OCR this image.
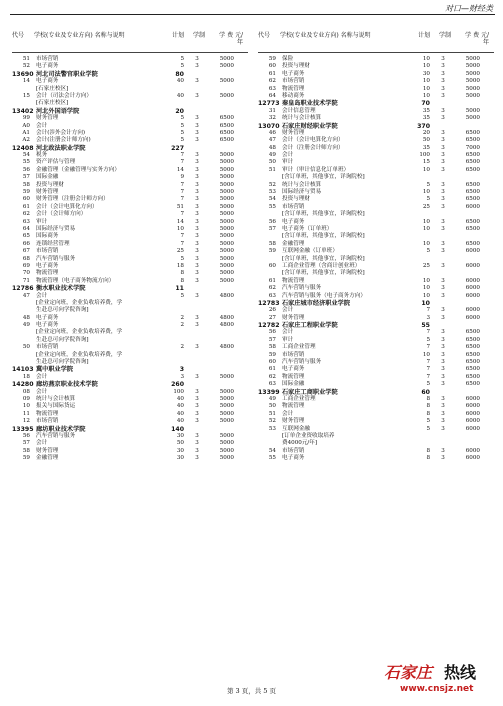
对口—财经类
代号 学校(专业及专业方向) 名称与说明	计划 学制	学 费 元/年
51 市场营销	5	3	5000
52 电子商务	5	3	5000
13690 河北司法警官职业学院	80
14 电子商务	40	3	5000
[石家庄校区]
15 会计（司法会计方向）	40	3	5000
[石家庄校区]
13402 河北外国语学院	20
99 财务管理	5	3	6500
A0 会计	5	3	6500
A1 会计(涉外会计方向)	5	3	6500
A2 会计(注册会计师方向)	5	3	6500
12408 河北政法职业学院	227
54 税务	7	3	5000
55 资产评估与管理	7	3	5000
56 金融管理（金融管理与实务方向）	14	3	5000
57 国际金融	9	3	5000
58 投资与理财	7	3	5000
59 财务管理	7	3	5000
60 财务管理（注册会计师方向）	7	3	5000
61 会计（会计电算化方向）	51	3	5000
62 会计（会计师方向）	7	3	5000
63 审计	14	3	5000
64 国际经济与贸易	10	3	5000
65 国际商务	7	3	5000
66 连锁经营管理	7	3	5000
67 市场营销	25	3	5000
68 汽车营销与服务	5	3	5000
69 电子商务	18	3	5000
70 物流管理	8	3	5000
71 物流管理（电子商务物流方向）	8	3	5000
12786 衡水职业技术学院	11
47 会计	5	3	4800
[企业定向班，企业负收培养费，学
生赴总可向学院咨询]
48 电子商务	2	3	4800
49 电子商务	2	3	4800
[企业定向班，企业负收培养费，学
生赴总可向学院咨询]
50 市场营销	2	3	4800
[企业定向班，企业负收培养费，学
生赴总可向学院咨询]
14103 冀中职业学院	3
18 会计	3	3	5000
14280 廊坊燕京职业技术学院	260
08 会计	100	3	5000
09 统计与会计核算	40	3	5000
10 报关与国际货运	40	3	5000
11 物流管理	40	3	5000
12 市场营销	40	3	5000
13395 廊坊职业技术学院	140
56 汽车营销与服务	30	3	5000
57 会计	50	3	5000
58 财务管理	30	3	5000
59 金融管理	30	3	5000
代号 学校(专业及专业方向) 名称与说明	计划 学制	学 费 元/年
59 保险	10	3	5000
60 投资与理财	10	3	5000
61 电子商务	30	3	5000
62 市场营销	10	3	5000
63 物流管理	10	3	5000
64 移动商务	10	3	5000
12773 秦皇岛职业技术学院	70
31 会计信息管理	35	3	5000
32 统计与会计核算	35	3	5000
13070 石家庄财经职业学院	370
46 财务管理	20	3	6500
47 会计（会计电算化方向）	50	3	6500
48 会计（注册会计师方向）	35	3	7000
49 会计	100	3	6500
50 审计	15	3	6500
51 审计（审计信息化订单班）	10	3	6500
[含订单班，其他事宜，详询院校]
52 统计与会计核算	5	3	6500
53 国际经济与贸易	10	3	6500
54 投资与理财	5	3	6500
55 市场营销	25	3	6000
[含订单班，其他事宜，详询院校]
56 电子商务	10	3	6500
57 电子商务（订单班）	10	3	6500
[含订单班，其他事宜，详询院校]
58 金融管理	10	3	6500
59 互联网金融（订单班）	5	3	6000
[含订单班，其他事宜，详询院校]
60 工商企业管理（含商计创业班）	25	3	6000
[含订单班，其他事宜，详询院校]
61 物流管理	10	3	6000
62 汽车营销与服务	10	3	6000
63 汽车营销与服务（电子商务方向）	10	3	6000
12783 石家庄城市经济职业学院	10
26 会计	7	3	6000
27 财务管理	3	3	6000
12782 石家庄工程职业学院	55
56 会计	7	3	6500
57 审计	5	3	6500
58 工商企业管理	7	3	6500
59 市场营销	10	3	6500
60 汽车营销与服务	7	3	6500
61 电子商务	7	3	6500
62 物流管理	7	3	6500
63 国际金融	5	3	6500
13399 石家庄工商职业学院	60
49 工商企业管理	8	3	6000
50 物流管理	8	3	6000
51 会计	8	3	6000
52 财务管理	5	3	6000
53 互联网金融	5	3	6000
[订单企业资收取培养
费4000元/年]
54 市场营销	8	3	6000
55 电子商务	8	3	6000
第 3 页，共 5 页
石家庄 热线
www.cnsjz.net
